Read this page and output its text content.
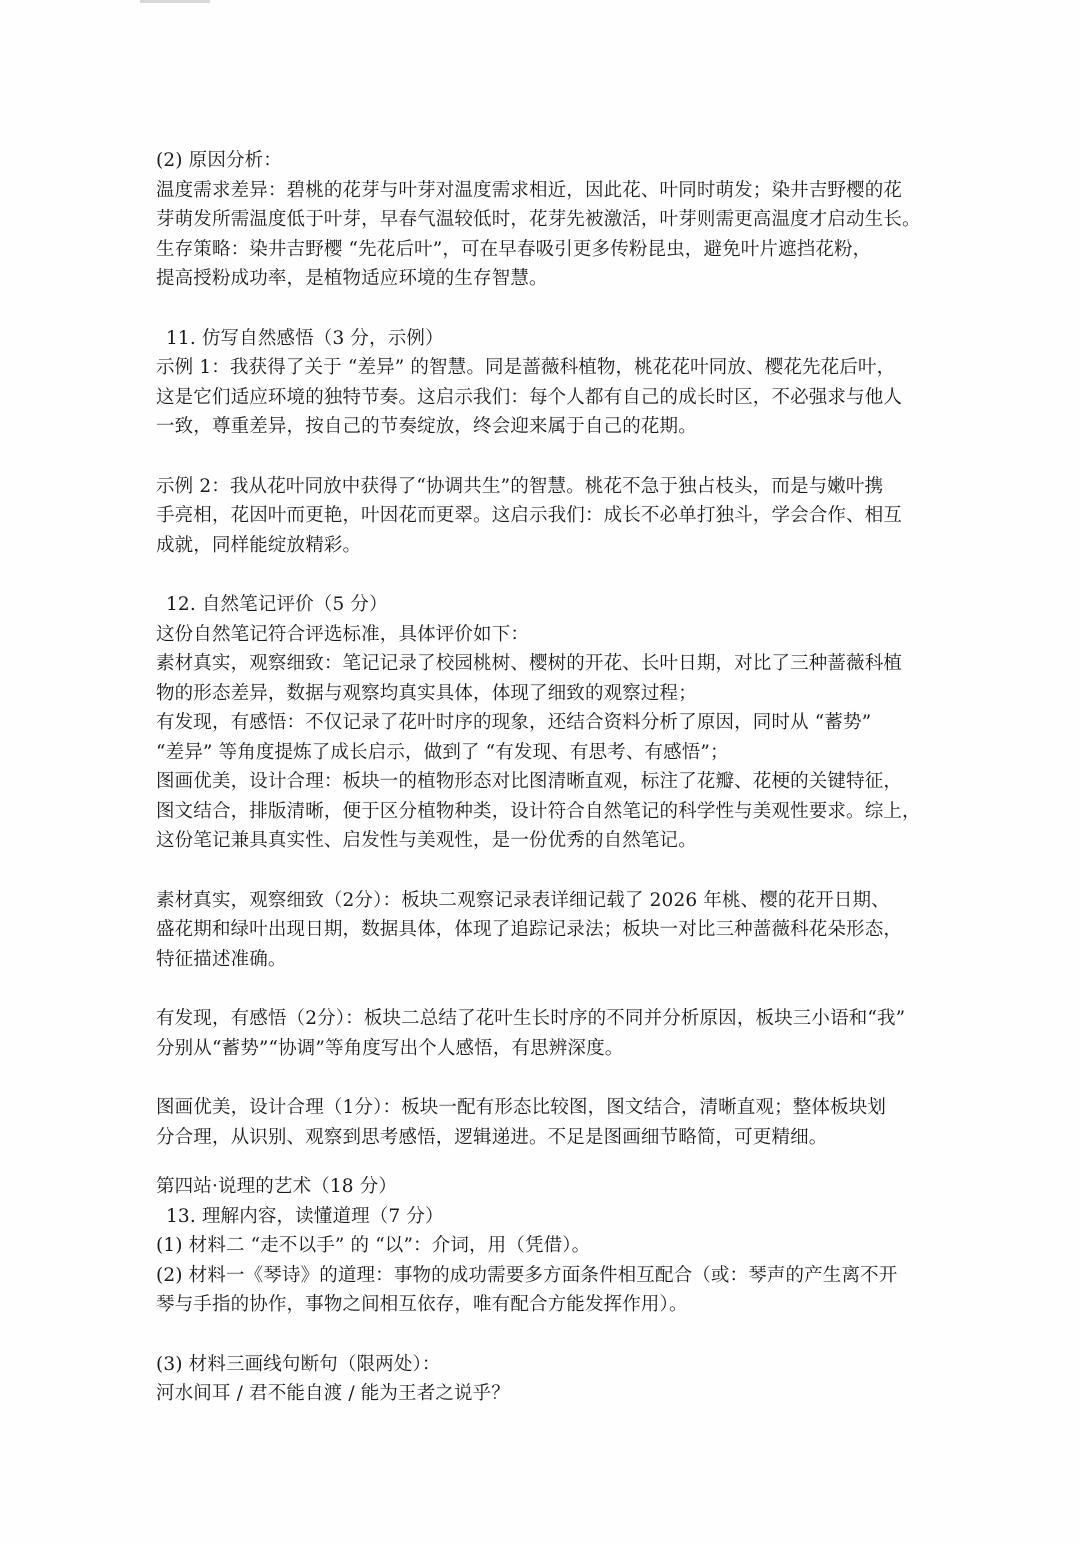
(2) 原因分析：
温度需求差异：碧桃的花芽与叶芽对温度需求相近，因此花、叶同时萌发；染井吉野樱的花
芽萌发所需温度低于叶芽，早春气温较低时，花芽先被激活，叶芽则需更高温度才启动生长。
生存策略：染井吉野樱 “先花后叶”，可在早春吸引更多传粉昆虫，避免叶片遮挡花粉，
提高授粉成功率，是植物适应环境的生存智慧。
11. 仿写自然感悟（3 分，示例）
示例 1：我获得了关于 “差异” 的智慧。同是蔷薇科植物，桃花花叶同放、樱花先花后叶，
这是它们适应环境的独特节奏。这启示我们：每个人都有自己的成长时区，不必强求与他人
一致，尊重差异，按自己的节奏绽放，终会迎来属于自己的花期。
示例 2：我从花叶同放中获得了“协调共生”的智慧。桃花不急于独占枝头，而是与嫩叶携
手亮相，花因叶而更艳，叶因花而更翠。这启示我们：成长不必单打独斗，学会合作、相互
成就，同样能绽放精彩。
12. 自然笔记评价（5 分）
这份自然笔记符合评选标准，具体评价如下：
素材真实，观察细致：笔记记录了校园桃树、樱树的开花、长叶日期，对比了三种蔷薇科植
物的形态差异，数据与观察均真实具体，体现了细致的观察过程；
有发现，有感悟：不仅记录了花叶时序的现象，还结合资料分析了原因，同时从 “蓄势”
“差异” 等角度提炼了成长启示，做到了 “有发现、有思考、有感悟”；
图画优美，设计合理：板块一的植物形态对比图清晰直观，标注了花瓣、花梗的关键特征，
图文结合，排版清晰，便于区分植物种类，设计符合自然笔记的科学性与美观性要求。综上，
这份笔记兼具真实性、启发性与美观性，是一份优秀的自然笔记。
素材真实，观察细致（2分）：板块二观察记录表详细记载了 2026 年桃、樱的花开日期、
盛花期和绿叶出现日期，数据具体，体现了追踪记录法；板块一对比三种蔷薇科花朵形态，
特征描述准确。
有发现，有感悟（2分）：板块二总结了花叶生长时序的不同并分析原因，板块三小语和“我”
分别从“蓄势”“协调”等角度写出个人感悟，有思辨深度。
图画优美，设计合理（1分）：板块一配有形态比较图，图文结合，清晰直观；整体板块划
分合理，从识别、观察到思考感悟，逻辑递进。不足是图画细节略简，可更精细。
第四站·说理的艺术（18 分）
13. 理解内容，读懂道理（7 分）
(1) 材料二 “走不以手” 的 “以”：介词，用（凭借）。
(2) 材料一《琴诗》的道理：事物的成功需要多方面条件相互配合（或：琴声的产生离不开
琴与手指的协作，事物之间相互依存，唯有配合方能发挥作用）。
(3) 材料三画线句断句（限两处）：
河水间耳 / 君不能自渡 / 能为王者之说乎？
